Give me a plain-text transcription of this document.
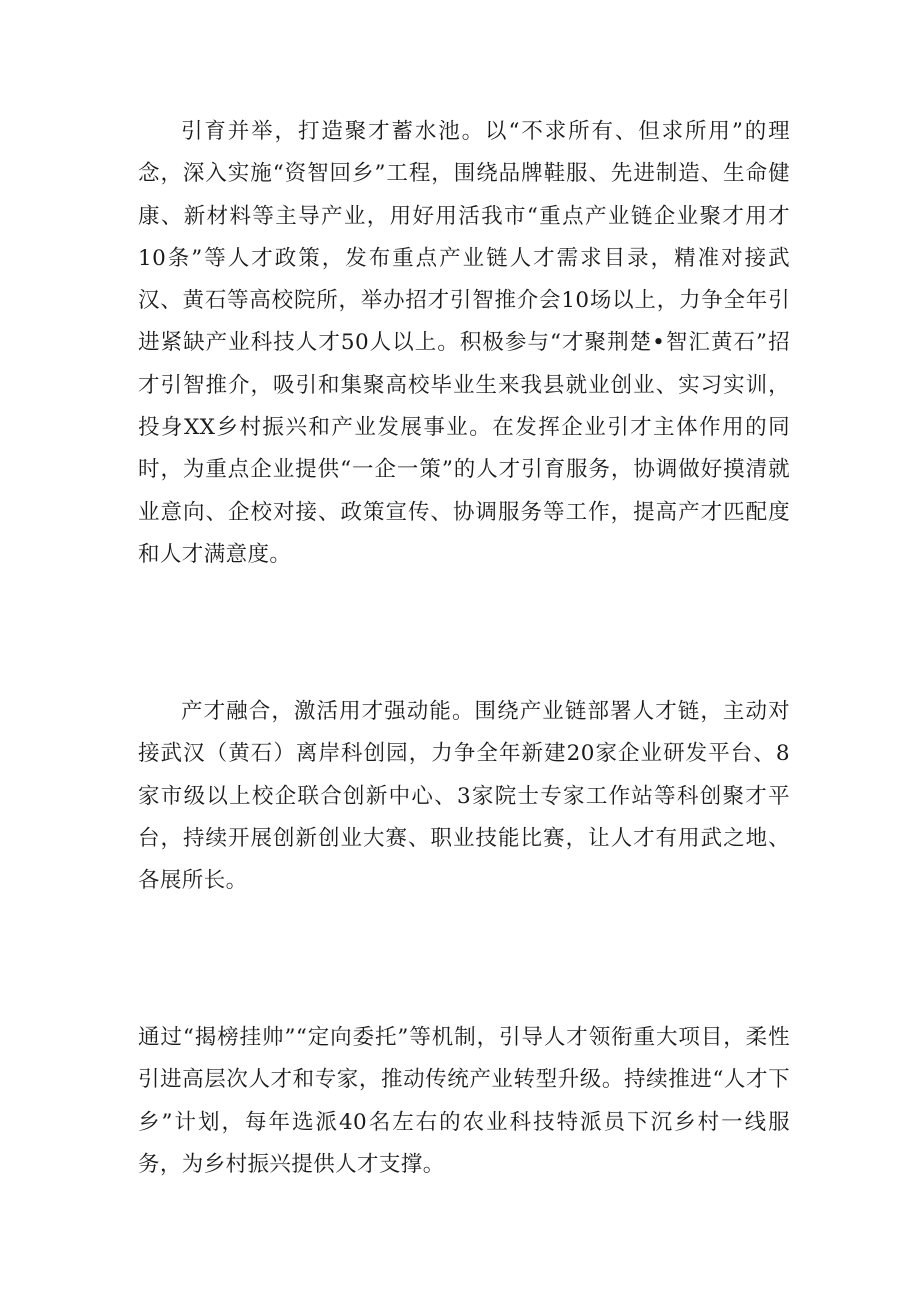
引育并举，打造聚才蓄水池。以“不求所有、但求所用”的理念，深入实施“资智回乡”工程，围绕品牌鞋服、先进制造、生命健康、新材料等主导产业，用好用活我市“重点产业链企业聚才用才10条”等人才政策，发布重点产业链人才需求目录，精准对接武汉、黄石等高校院所，举办招才引智推介会10场以上，力争全年引进紧缺产业科技人才50人以上。积极参与“才聚荆楚•智汇黄石”招才引智推介，吸引和集聚高校毕业生来我县就业创业、实习实训，投身XX乡村振兴和产业发展事业。在发挥企业引才主体作用的同时，为重点企业提供“一企一策”的人才引育服务，协调做好摸清就业意向、企校对接、政策宣传、协调服务等工作，提高产才匹配度和人才满意度。

产才融合，激活用才强动能。围绕产业链部署人才链，主动对接武汉（黄石）离岸科创园，力争全年新建20家企业研发平台、8家市级以上校企联合创新中心、3家院士专家工作站等科创聚才平台，持续开展创新创业大赛、职业技能比赛，让人才有用武之地、各展所长。

通过“揭榜挂帅”“定向委托”等机制，引导人才领衔重大项目，柔性引进高层次人才和专家，推动传统产业转型升级。持续推进“人才下乡”计划，每年选派40名左右的农业科技特派员下沉乡村一线服务，为乡村振兴提供人才支撑。
